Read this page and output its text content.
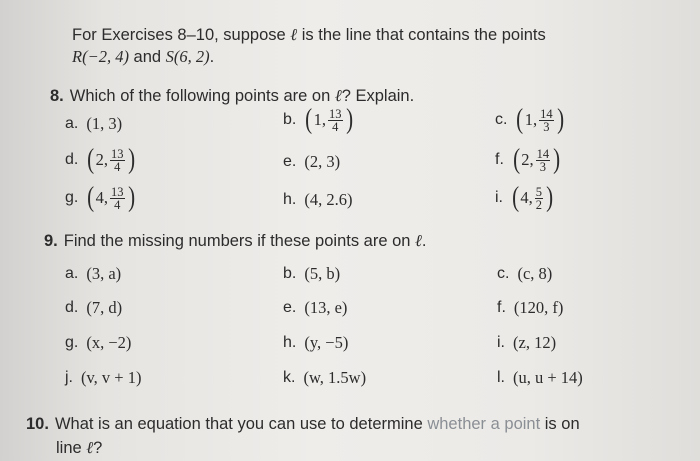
For Exercises 8–10, suppose ℓ is the line that contains the points
R(−2, 4) and S(6, 2).
8. Which of the following points are on ℓ? Explain.
a. (1, 3)	b. ( 1, $\frac{13}{4}$ )	c. ( 1, $\frac{14}{3}$ )
d. ( 2, $\frac{13}{4}$ )	e. (2, 3)	f. ( 2, $\frac{14}{3}$ )
g. ( 4, $\frac{13}{4}$ )	h. (4, 2.6)	i. ( 4, $\frac{5}{2}$ )
9. Find the missing numbers if these points are on ℓ.
a. (3, a)	b. (5, b)	c. (c, 8)
d. (7, d)	e. (13, e)	f. (120, f)
g. (x, −2)	h. (y, −5)	i. (z, 12)
j. (v, v + 1)	k. (w, 1.5w)	l. (u, u + 14)
10. What is an equation that you can use to determine whether a point is on
line ℓ?
